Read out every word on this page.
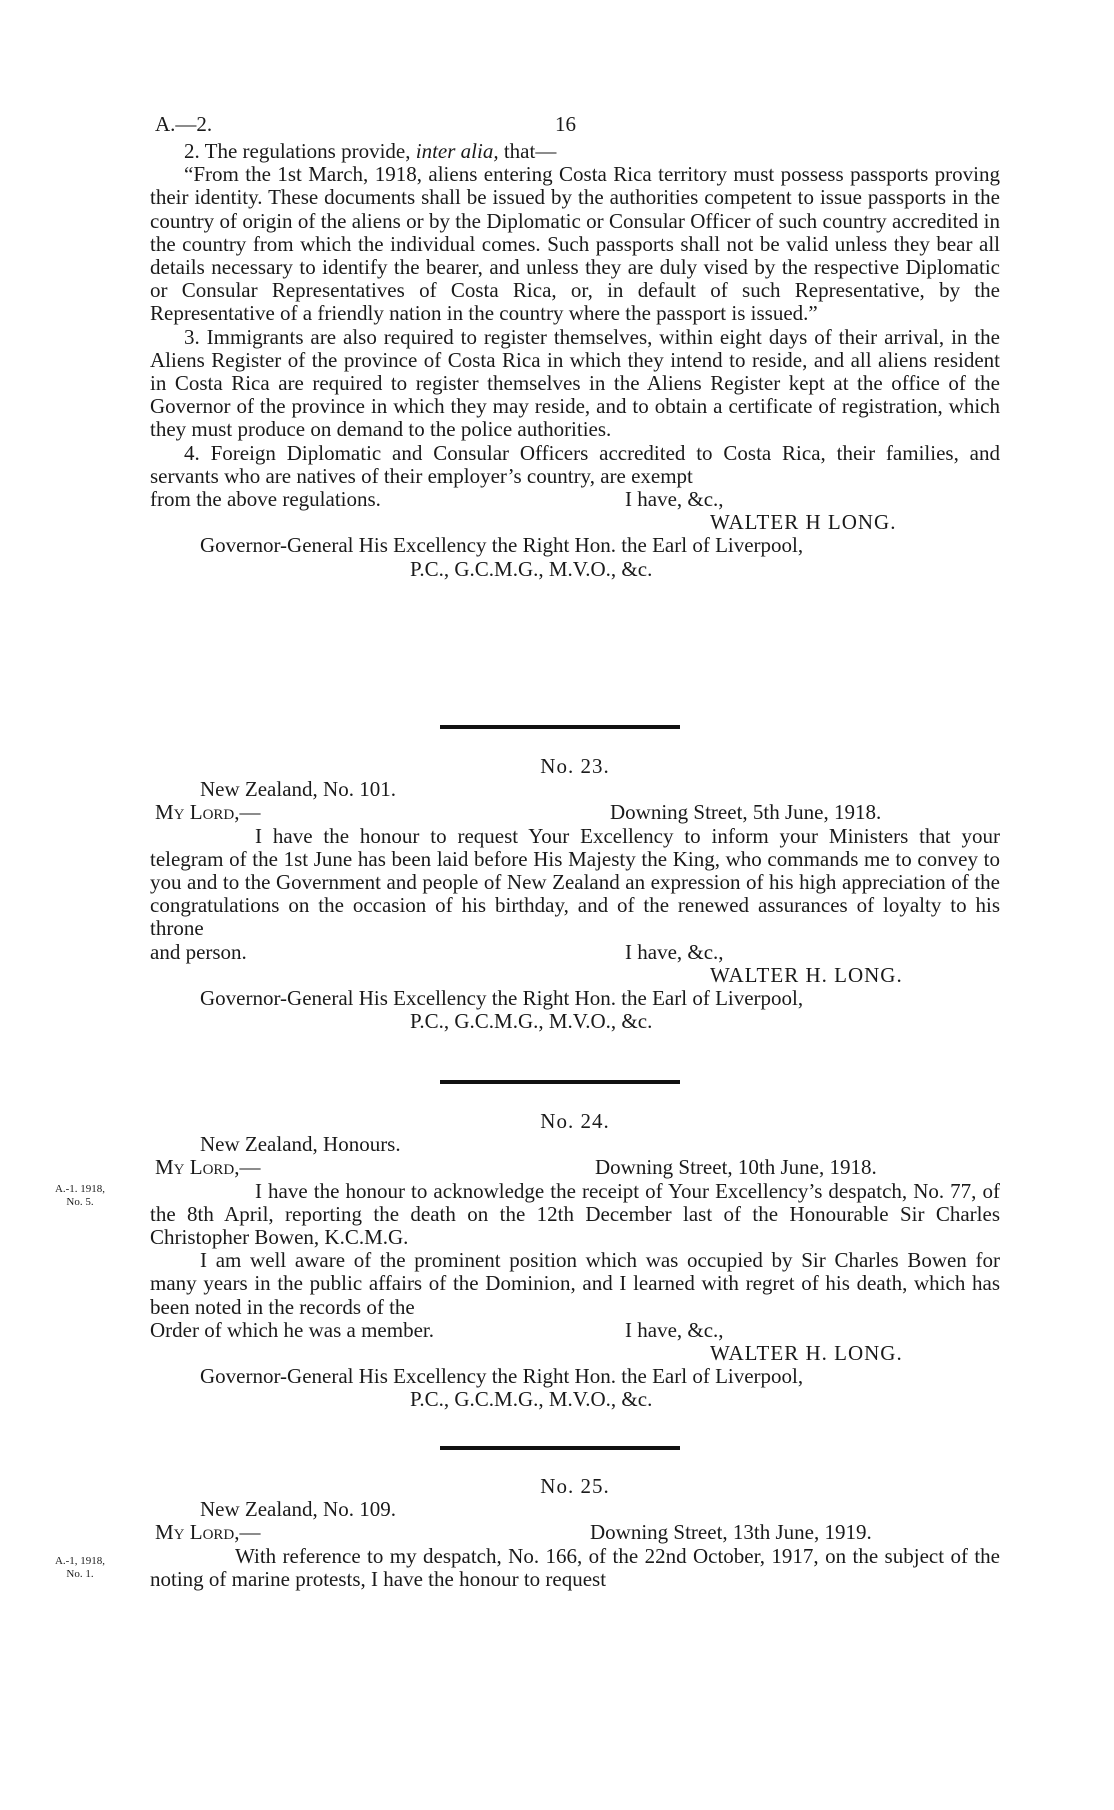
A.—2.	16

2. The regulations provide, inter alia, that—

“From the 1st March, 1918, aliens entering Costa Rica territory must possess passports proving their identity. These documents shall be issued by the authorities competent to issue passports in the country of origin of the aliens or by the Diplomatic or Consular Officer of such country accredited in the country from which the individual comes. Such passports shall not be valid unless they bear all details necessary to identify the bearer, and unless they are duly vised by the respective Diplomatic or Consular Representatives of Costa Rica, or, in default of such Representative, by the Representative of a friendly nation in the country where the passport is issued.”

3. Immigrants are also required to register themselves, within eight days of their arrival, in the Aliens Register of the province of Costa Rica in which they intend to reside, and all aliens resident in Costa Rica are required to register themselves in the Aliens Register kept at the office of the Governor of the province in which they may reside, and to obtain a certificate of registration, which they must produce on demand to the police authorities.

4. Foreign Diplomatic and Consular Officers accredited to Costa Rica, their families, and servants who are natives of their employer’s country, are exempt

from the above regulations.	I have, &c.,

WALTER H LONG.

Governor-General His Excellency the Right Hon. the Earl of Liverpool,

P.C., G.C.M.G., M.V.O., &c.

No. 23.

New Zealand, No. 101.

My Lord,—	Downing Street, 5th June, 1918.

I have the honour to request Your Excellency to inform your Ministers that your telegram of the 1st June has been laid before His Majesty the King, who commands me to convey to you and to the Government and people of New Zealand an expression of his high appreciation of the congratulations on the occasion of his birthday, and of the renewed assurances of loyalty to his throne

and person.	I have, &c.,

WALTER H. LONG.

Governor-General His Excellency the Right Hon. the Earl of Liverpool,

P.C., G.C.M.G., M.V.O., &c.

A.-1. 1918,
No. 5.

No. 24.

New Zealand, Honours.

My Lord,—	Downing Street, 10th June, 1918.

I have the honour to acknowledge the receipt of Your Excellency’s despatch, No. 77, of the 8th April, reporting the death on the 12th December last of the Honourable Sir Charles Christopher Bowen, K.C.M.G.

I am well aware of the prominent position which was occupied by Sir Charles Bowen for many years in the public affairs of the Dominion, and I learned with regret of his death, which has been noted in the records of the

Order of which he was a member.	I have, &c.,

WALTER H. LONG.

Governor-General His Excellency the Right Hon. the Earl of Liverpool,

P.C., G.C.M.G., M.V.O., &c.

A.-1, 1918,
No. 1.

No. 25.

New Zealand, No. 109.

My Lord,—	Downing Street, 13th June, 1919.

With reference to my despatch, No. 166, of the 22nd October, 1917, on the subject of the noting of marine protests, I have the honour to request
